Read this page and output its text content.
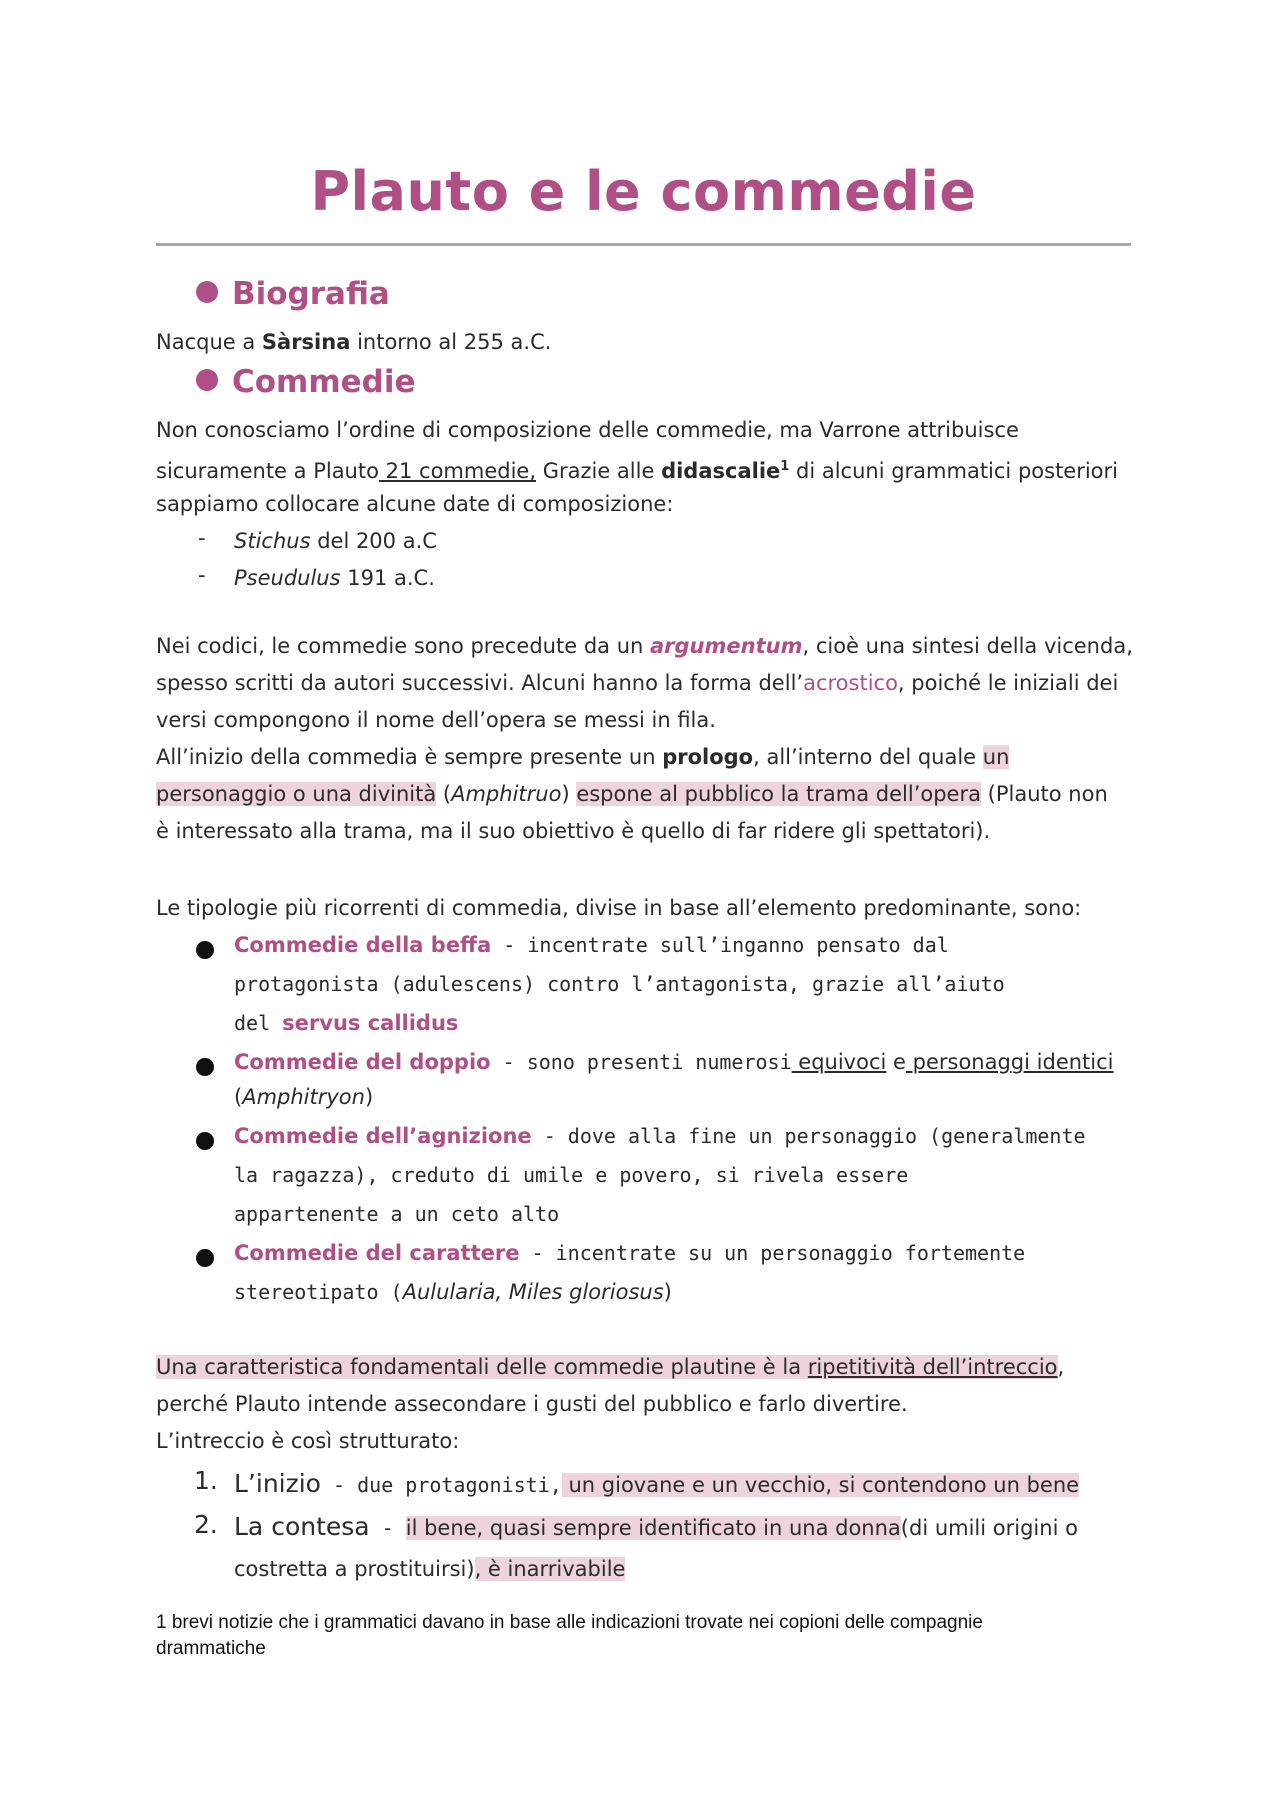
Plauto e le commedie
Biografia
Nacque a Sàrsina intorno al 255 a.C.
Commedie
Non conosciamo l’ordine di composizione delle commedie, ma Varrone attribuisce
sicuramente a Plauto 21 commedie, Grazie alle didascalie$^1$ di alcuni grammatici posteriori
sappiamo collocare alcune date di composizione:
- Stichus del 200 a.C
- Pseudulus 191 a.C.
Nei codici, le commedie sono precedute da un argumentum, cioè una sintesi della vicenda,
spesso scritti da autori successivi. Alcuni hanno la forma dell’acrostico, poiché le iniziali dei
versi compongono il nome dell’opera se messi in fila.
All’inizio della commedia è sempre presente un prologo, all’interno del quale un
personaggio o una divinità (Amphitruo) espone al pubblico la trama dell’opera (Plauto non
è interessato alla trama, ma il suo obiettivo è quello di far ridere gli spettatori).
Le tipologie più ricorrenti di commedia, divise in base all’elemento predominante, sono:
Commedie della beffa - incentrate sull’inganno pensato dal
protagonista (adulescens) contro l’antagonista, grazie all’aiuto
del servus callidus
Commedie del doppio - sono presenti numerosi equivoci e personaggi identici
(Amphitryon)
Commedie dell’agnizione - dove alla fine un personaggio (generalmente
la ragazza), creduto di umile e povero, si rivela essere
appartenente a un ceto alto
Commedie del carattere - incentrate su un personaggio fortemente
stereotipato (Aulularia, Miles gloriosus)
Una caratteristica fondamentali delle commedie plautine è la ripetitività dell’intreccio,
perché Plauto intende assecondare i gusti del pubblico e farlo divertire.
L’intreccio è così strutturato:
1. L’inizio - due protagonisti, un giovane e un vecchio, si contendono un bene
2. La contesa - il bene, quasi sempre identificato in una donna(di umili origini o
costretta a prostituirsi), è inarrivabile
1 brevi notizie che i grammatici davano in base alle indicazioni trovate nei copioni delle compagnie
drammatiche
